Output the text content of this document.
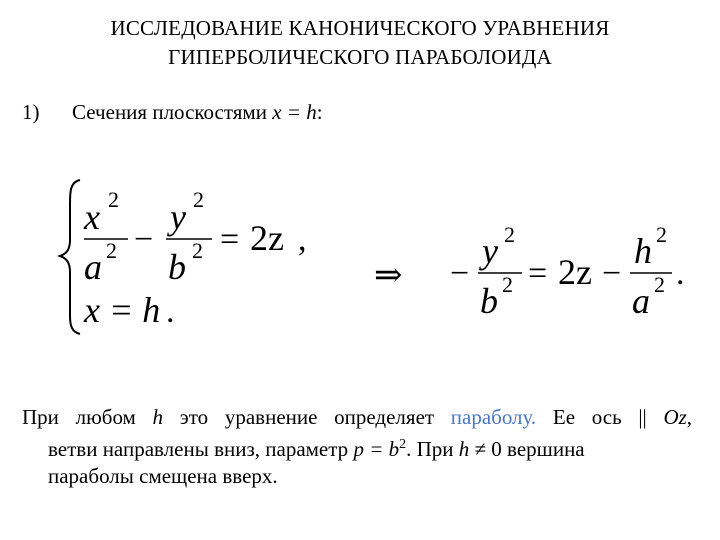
ИССЛЕДОВАНИЕ КАНОНИЧЕСКОГО УРАВНЕНИЯ
ГИПЕРБОЛИЧЕСКОГО ПАРАБОЛОИДА
1) Сечения плоскостями x = h:
x 2
a 2 −
y 2
b 2 = 2z ,
x = h .
⇒ −
y 2
b 2 = 2z −
h 2
a 2 .
При любом h это уравнение определяет параболу. Ее ось || Oz,
ветви направлены вниз, параметр $p = b^2$. При h ≠ 0 вершина
параболы смещена вверх.
